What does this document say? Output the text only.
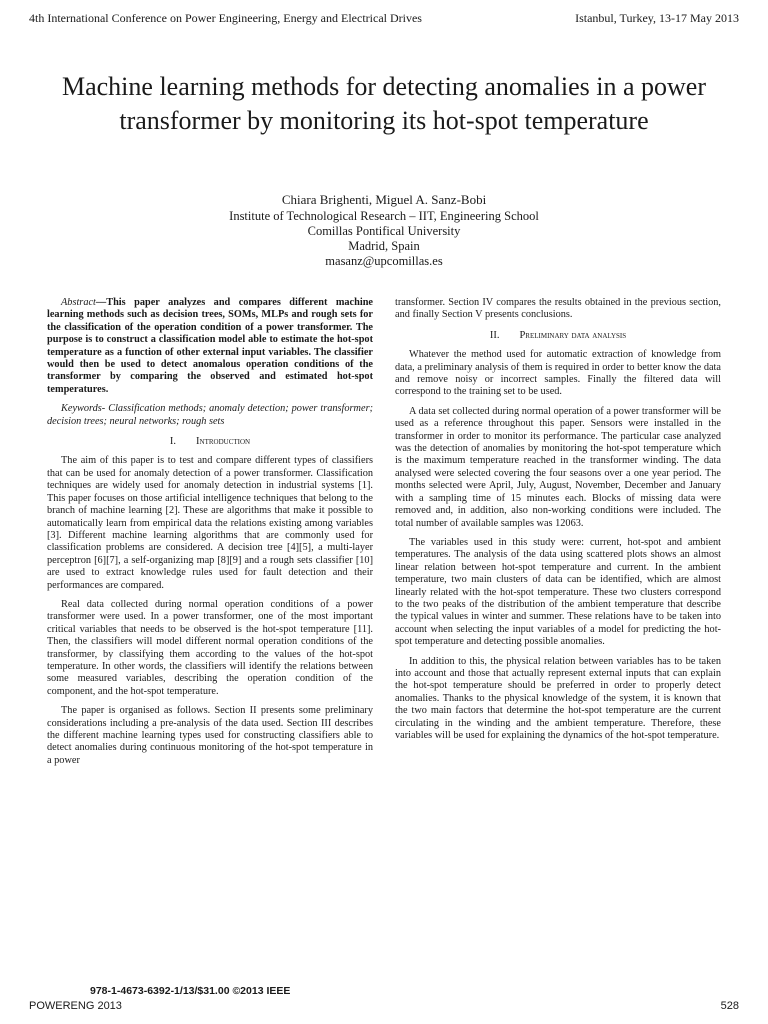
4th International Conference on Power Engineering, Energy and Electrical Drives	Istanbul, Turkey, 13-17 May 2013
Machine learning methods for detecting anomalies in a power transformer by monitoring its hot-spot temperature
Chiara Brighenti, Miguel A. Sanz-Bobi
Institute of Technological Research – IIT, Engineering School
Comillas Pontifical University
Madrid, Spain
masanz@upcomillas.es

Abstract—This paper analyzes and compares different machine learning methods such as decision trees, SOMs, MLPs and rough sets for the classification of the operation condition of a power transformer. The purpose is to construct a classification model able to estimate the hot-spot temperature as a function of other external input variables. The classifier would then be used to detect anomalous operation conditions of the transformer by comparing the observed and estimated hot-spot temperatures.

Keywords- Classification methods; anomaly detection; power transformer; decision trees; neural networks; rough sets

I. Introduction

The aim of this paper is to test and compare different types of classifiers that can be used for anomaly detection of a power transformer. Classification techniques are widely used for anomaly detection in industrial systems [1]. This paper focuses on those artificial intelligence techniques that belong to the branch of machine learning [2]. These are algorithms that make it possible to automatically learn from empirical data the relations existing among variables [3]. Different machine learning algorithms that are commonly used for classification problems are considered. A decision tree [4][5], a multi-layer perceptron [6][7], a self-organizing map [8][9] and a rough sets classifier [10] are used to extract knowledge rules used for fault detection and their performances are compared.

Real data collected during normal operation conditions of a power transformer were used. In a power transformer, one of the most important critical variables that needs to be observed is the hot-spot temperature [11]. Then, the classifiers will model different normal operation conditions of the transformer, by classifying them according to the values of the hot-spot temperature. In other words, the classifiers will identify the relations between some measured variables, describing the operation condition of the component, and the hot-spot temperature.

The paper is organised as follows. Section II presents some preliminary considerations including a pre-analysis of the data used. Section III describes the different machine learning types used for constructing classifiers able to detect anomalies during continuous monitoring of the hot-spot temperature in a power

transformer. Section IV compares the results obtained in the previous section, and finally Section V presents conclusions.

II. Preliminary data analysis

Whatever the method used for automatic extraction of knowledge from data, a preliminary analysis of them is required in order to better know the data and remove noisy or incorrect samples. Finally the filtered data will correspond to the training set to be used.

A data set collected during normal operation of a power transformer will be used as a reference throughout this paper. Sensors were installed in the transformer in order to monitor its performance. The particular case analyzed was the detection of anomalies by monitoring the hot-spot temperature which is the maximum temperature reached in the transformer winding. The data analysed were selected covering the four seasons over a one year period. The months selected were April, July, August, November, December and January with a sampling time of 15 minutes each. Blocks of missing data were removed and, in addition, also non-working conditions were included. The total number of available samples was 12063.

The variables used in this study were: current, hot-spot and ambient temperatures. The analysis of the data using scattered plots shows an almost linear relation between hot-spot temperature and current. In the ambient temperature, two main clusters of data can be identified, which are almost linearly related with the hot-spot temperature. These two clusters correspond to the two peaks of the distribution of the ambient temperature that describe the typical values in winter and summer. These relations have to be taken into account when selecting the input variables of a model for predicting the hot-spot temperature and detecting possible anomalies.

In addition to this, the physical relation between variables has to be taken into account and those that actually represent external inputs that can explain the hot-spot temperature should be preferred in order to properly detect anomalies. Thanks to the physical knowledge of the system, it is known that the two main factors that determine the hot-spot temperature are the current circulating in the winding and the ambient temperature. Therefore, these variables will be used for explaining the dynamics of the hot-spot temperature.

978-1-4673-6392-1/13/$31.00 ©2013 IEEE
POWERENG 2013	528
